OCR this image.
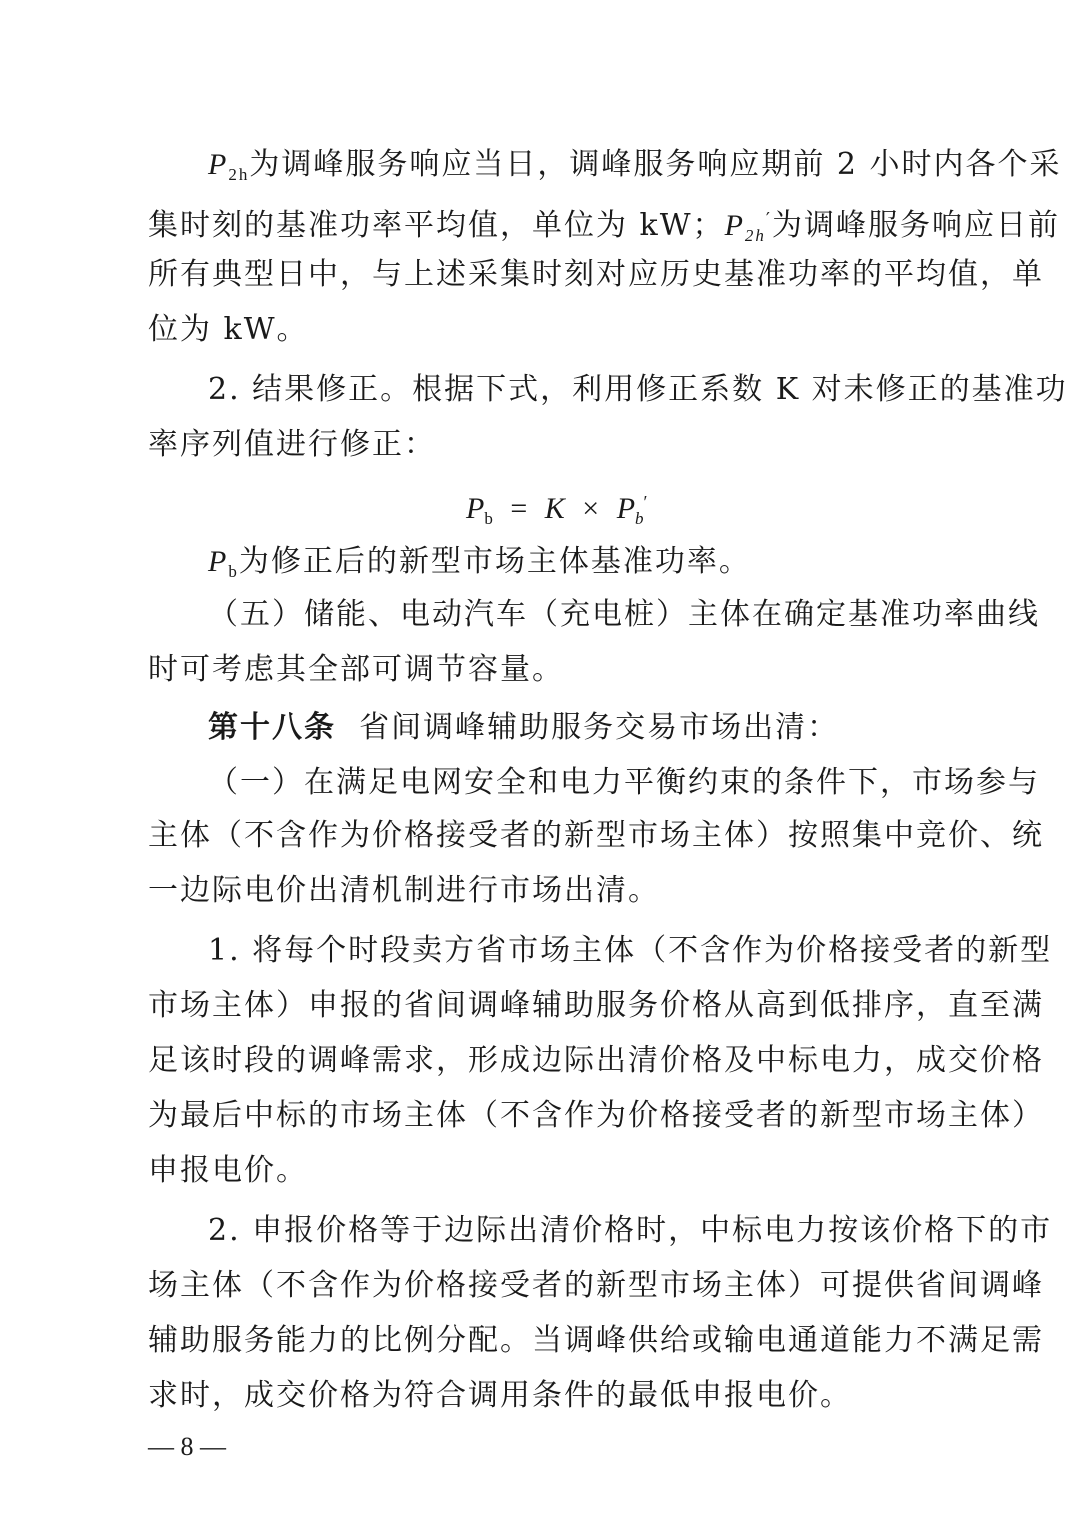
$P_{2h}$为调峰服务响应当日，调峰服务响应期前 2 小时内各个采
集时刻的基准功率平均值，单位为 kW；$P_{2h}'$为调峰服务响应日前
所有典型日中，与上述采集时刻对应历史基准功率的平均值，单
位为 kW。
2. 结果修正。根据下式，利用修正系数 K 对未修正的基准功
率序列值进行修正：
$P_b = K \times P_b'$
$P_b$为修正后的新型市场主体基准功率。
（五）储能、电动汽车（充电桩）主体在确定基准功率曲线
时可考虑其全部可调节容量。
第十八条  省间调峰辅助服务交易市场出清：
（一）在满足电网安全和电力平衡约束的条件下，市场参与
主体（不含作为价格接受者的新型市场主体）按照集中竞价、统
一边际电价出清机制进行市场出清。
1. 将每个时段卖方省市场主体（不含作为价格接受者的新型
市场主体）申报的省间调峰辅助服务价格从高到低排序，直至满
足该时段的调峰需求，形成边际出清价格及中标电力，成交价格
为最后中标的市场主体（不含作为价格接受者的新型市场主体）
申报电价。
2. 申报价格等于边际出清价格时，中标电力按该价格下的市
场主体（不含作为价格接受者的新型市场主体）可提供省间调峰
辅助服务能力的比例分配。当调峰供给或输电通道能力不满足需
求时，成交价格为符合调用条件的最低申报电价。
— 8 —
